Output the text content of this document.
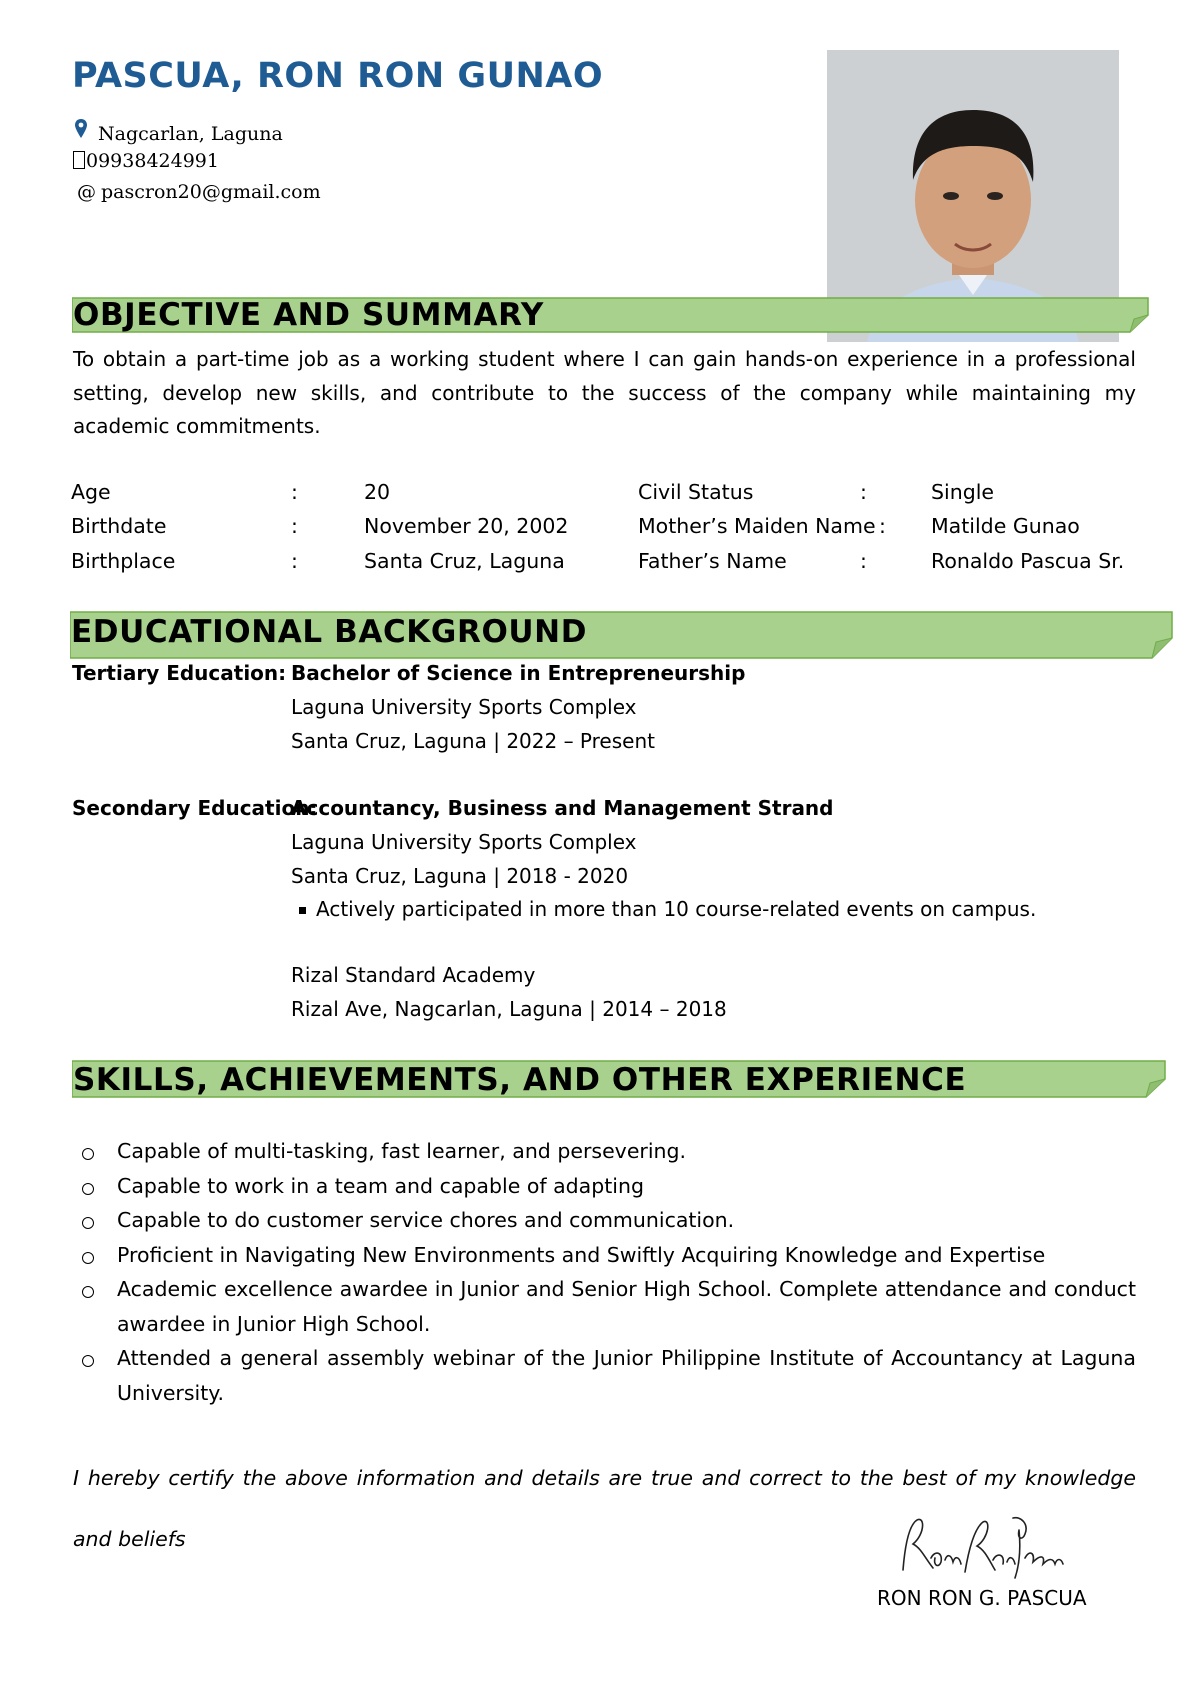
PASCUA, RON RON GUNAO
Nagcarlan, Laguna
09938424991
@ pascron20@gmail.com
OBJECTIVE AND SUMMARY

To obtain a part-time job as a working student where I can gain hands-on experience in a professional setting, develop new skills, and contribute to the success of the company while maintaining my academic commitments.

Age
Birthdate
Birthplace
:
:
:
20
November 20, 2002
Santa Cruz, Laguna
Civil Status
Mother’s Maiden Name
Father’s Name
:
:
:
Single
Matilde Gunao
Ronaldo Pascua Sr.
EDUCATIONAL BACKGROUND
Tertiary Education: Bachelor of Science in Entrepreneurship
Laguna University Sports Complex
Santa Cruz, Laguna | 2022 – Present
Secondary Education:
Accountancy, Business and Management Strand
Laguna University Sports Complex
Santa Cruz, Laguna | 2018 - 2020
Actively participated in more than 10 course-related events on campus.
Rizal Standard Academy
Rizal Ave, Nagcarlan, Laguna | 2014 – 2018
SKILLS, ACHIEVEMENTS, AND OTHER EXPERIENCE
Capable of multi-tasking, fast learner, and persevering.
Capable to work in a team and capable of adapting
Capable to do customer service chores and communication.
Proficient in Navigating New Environments and Swiftly Acquiring Knowledge and Expertise
Academic excellence awardee in Junior and Senior High School. Complete attendance and conduct awardee in Junior High School.
Attended a general assembly webinar of the Junior Philippine Institute of Accountancy at Laguna University.

I hereby certify the above information and details are true and correct to the best of my knowledge and beliefs

RON RON G. PASCUA
